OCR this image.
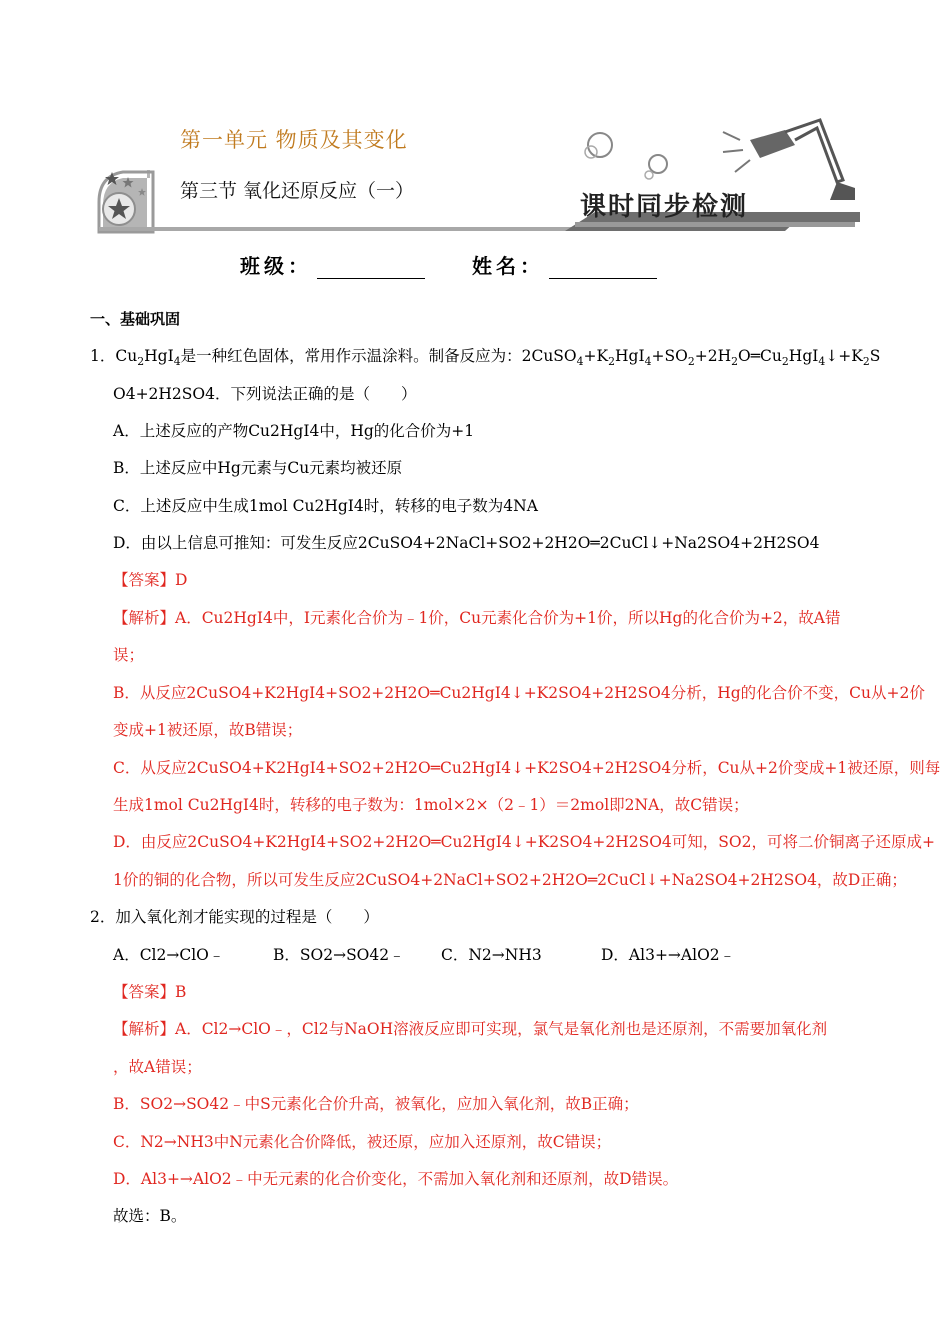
第一单元 物质及其变化
第三节 氧化还原反应（一）
课时同步检测
班级：	姓名：
一、基础巩固
1．$Cu_2HgI_4$是一种红色固体，常用作示温涂料。制备反应为：$2CuSO_4+K_2HgI_4+SO_2+2H_2O═Cu_2HgI_4↓+K_2S$
O4+2H2SO4．下列说法正确的是（　　）
A．上述反应的产物Cu2HgI4中，Hg的化合价为+1
B．上述反应中Hg元素与Cu元素均被还原
C．上述反应中生成1mol Cu2HgI4时，转移的电子数为4NA
D．由以上信息可推知：可发生反应2CuSO4+2NaCl+SO2+2H2O═2CuCl↓+Na2SO4+2H2SO4
【答案】D
【解析】A．Cu2HgI4中，I元素化合价为﹣1价，Cu元素化合价为+1价，所以Hg的化合价为+2，故A错
误；
B．从反应2CuSO4+K2HgI4+SO2+2H2O═Cu2HgI4↓+K2SO4+2H2SO4分析，Hg的化合价不变，Cu从+2价
变成+1被还原，故B错误；
C．从反应2CuSO4+K2HgI4+SO2+2H2O═Cu2HgI4↓+K2SO4+2H2SO4分析，Cu从+2价变成+1被还原，则每
生成1mol Cu2HgI4时，转移的电子数为：1mol×2×（2﹣1）＝2mol即2NA，故C错误；
D．由反应2CuSO4+K2HgI4+SO2+2H2O═Cu2HgI4↓+K2SO4+2H2SO4可知，SO2，可将二价铜离子还原成+
1价的铜的化合物，所以可发生反应2CuSO4+2NaCl+SO2+2H2O═2CuCl↓+Na2SO4+2H2SO4，故D正确；
2．加入氧化剂才能实现的过程是（　　）
A．Cl2→ClO﹣	B．SO2→SO42﹣ C．N2→NH3	D．Al3+→AlO2﹣
【答案】B
【解析】A．Cl2→ClO﹣，Cl2与NaOH溶液反应即可实现，氯气是氧化剂也是还原剂，不需要加氧化剂
，故A错误；
B．SO2→SO42﹣中S元素化合价升高，被氧化，应加入氧化剂，故B正确；
C．N2→NH3中N元素化合价降低，被还原，应加入还原剂，故C错误；
D．Al3+→AlO2﹣中无元素的化合价变化，不需加入氧化剂和还原剂，故D错误。
故选：B。
